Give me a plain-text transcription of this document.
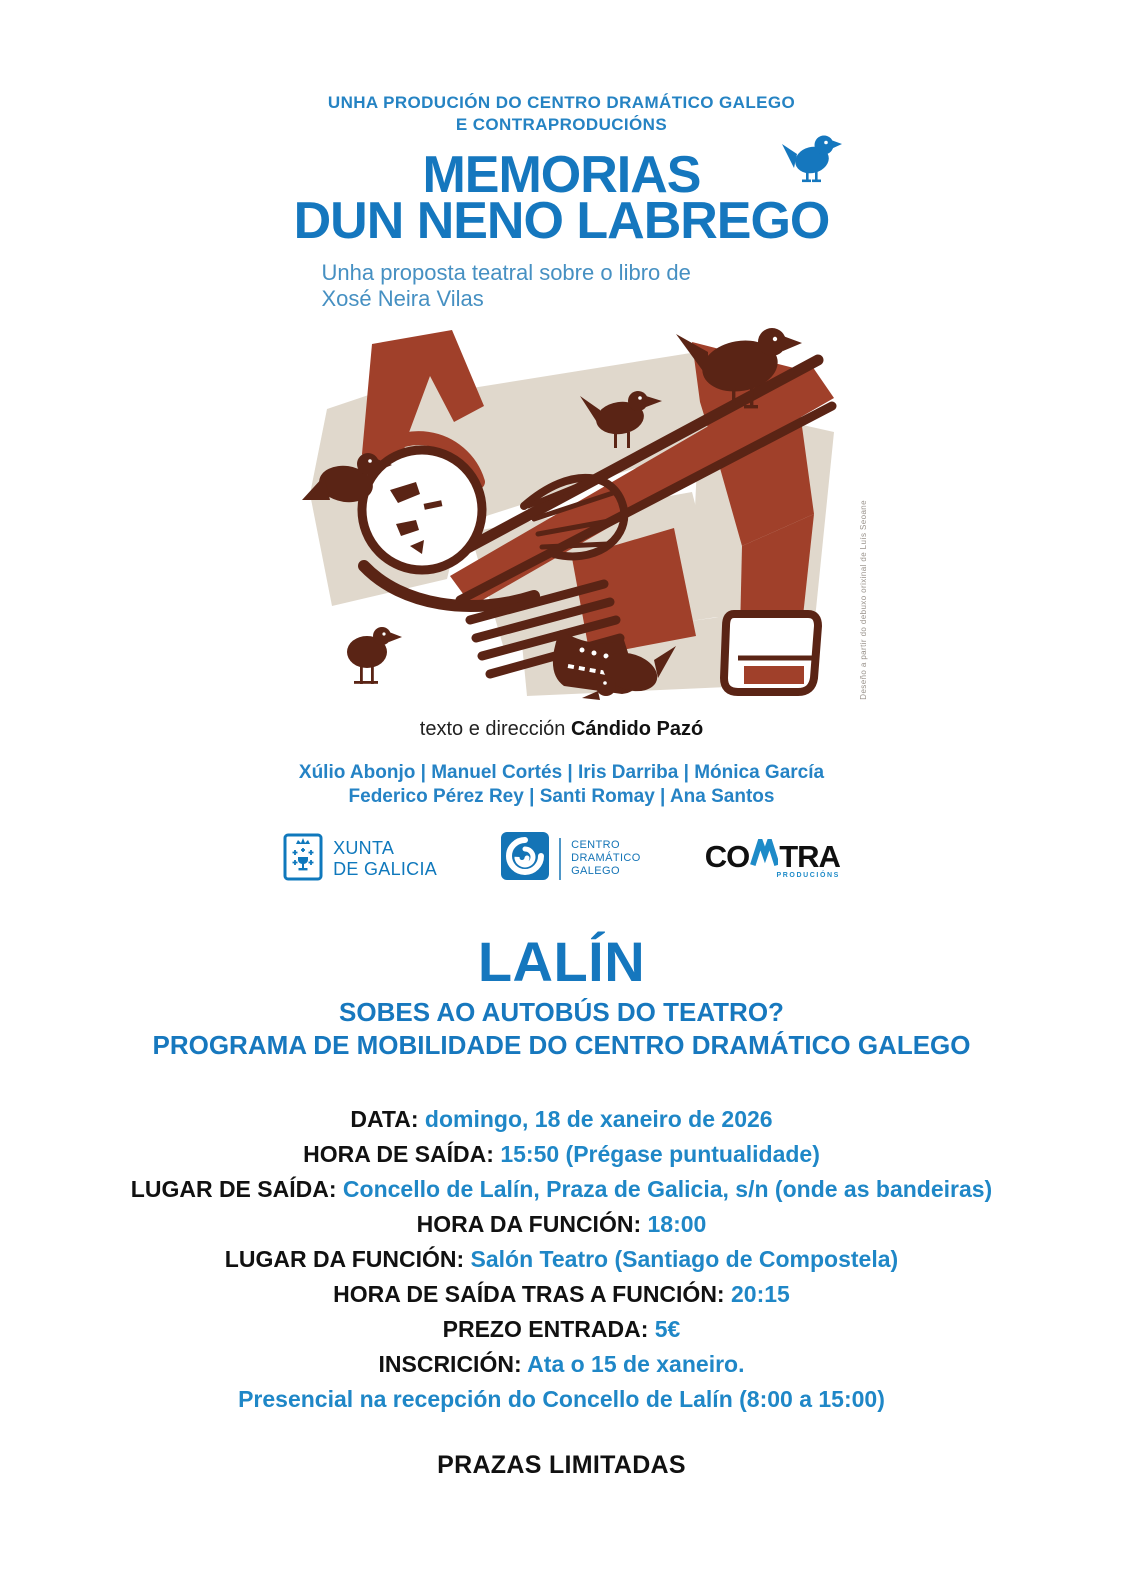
UNHA PRODUCIÓN DO CENTRO DRAMÁTICO GALEGO
E CONTRAPRODUCIÓNS
MEMORIAS
DUN NENO LABREGO
Unha proposta teatral sobre o libro de
Xosé Neira Vilas
Deseño a partir do debuxo orixinal de Luís Seoane
texto e dirección Cándido Pazó
Xúlio Abonjo | Manuel Cortés | Iris Darriba | Mónica García
Federico Pérez Rey | Santi Romay | Ana Santos
XUNTA
DE GALICIA
CENTRO
DRAMÁTICO
GALEGO	CO TRA
PRODUCIÓNS
LALÍN
SOBES AO AUTOBÚS DO TEATRO?
PROGRAMA DE MOBILIDADE DO CENTRO DRAMÁTICO GALEGO
DATA: domingo, 18 de xaneiro de 2026
HORA DE SAÍDA: 15:50 (Prégase puntualidade)
LUGAR DE SAÍDA: Concello de Lalín, Praza de Galicia, s/n (onde as bandeiras)
HORA DA FUNCIÓN: 18:00
LUGAR DA FUNCIÓN: Salón Teatro (Santiago de Compostela)
HORA DE SAÍDA TRAS A FUNCIÓN: 20:15
PREZO ENTRADA: 5€
INSCRICIÓN: Ata o 15 de xaneiro.
Presencial na recepción do Concello de Lalín (8:00 a 15:00)
PRAZAS LIMITADAS
